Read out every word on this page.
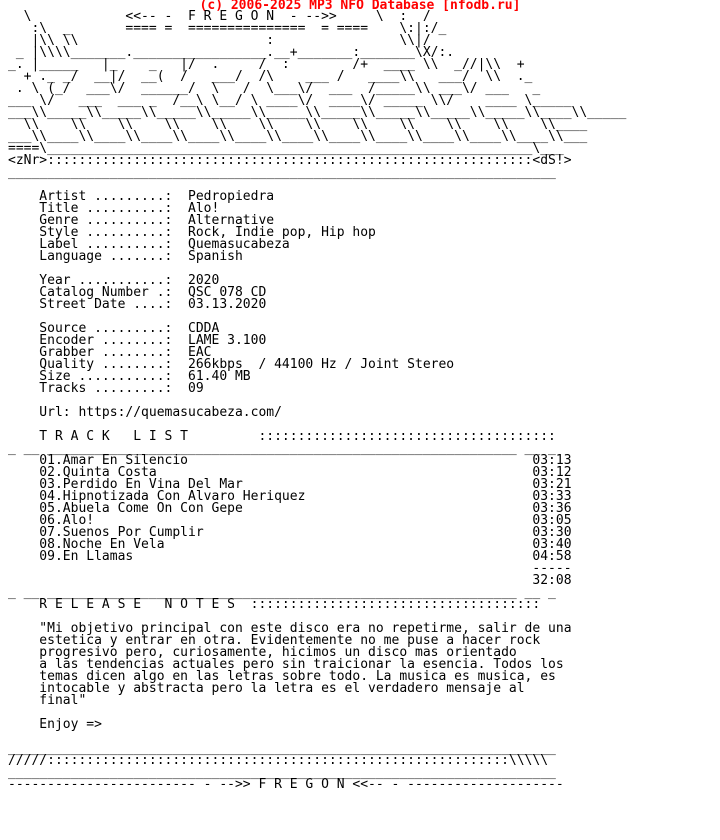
(c) 2006-2025 MP3 NFO Database [nfodb.ru]
\            <<-- -  F R E G O N  - -->>     \  :  /
:\  _       ==== =  ===============  = ====    \:|:/_
|\\ \\                        :                \\|/
_ |\\\\_______._________________.__+_______:_______\X/:.
_. |_____   |_    _   |/  .     /  :        /+  ____ \\  _//|\\  +
+ ._ _/  __|/  __(  /   ___/  /\    ___ /   ____\\   ___/  \\  ._
. \ (_/  ___\/  ______/  \   /  \___\/  ___  /_____\\ ___\/ ___   _
___ \/   ___  ___ _  /__\ \__/ \ ____\/  ____\/ _____ \\/    ____ \_____
___\\_____\\_____\\_____\\_____\\_____\\_____\\_____\\_____\\_____\\____\\_____
\\    \\    \\    \\    \\    \\    \\    \\    \\    \\    \\    \\____
___\\____\\____\\____\\____\\____\\____\\____\\____\\____\\____\\____\\___
====\______________________________________________________________\___
<zNr>::::::::::::::::::::::::::::::::::::::::::::::::::::::::::::::<dS!>
______________________________________________________________________

Artist .........:  Pedropiedra
Title ..........:  Alo!
Genre ..........:  Alternative
Style ..........:  Rock, Indie pop, Hip hop
Label ..........:  Quemasucabeza
Language .......:  Spanish

Year ...........:  2020
Catalog Number .:  QSC 078 CD
Street Date ....:  03.13.2020

Source .........:  CDDA
Encoder ........:  LAME 3.100
Grabber ........:  EAC
Quality ........:  266kbps  / 44100 Hz / Joint Stereo
Size ...........:  61.40 MB
Tracks .........:  09

Url: https://quemasucabeza.com/

T R A C K   L I S T         ::::::::::::::::::::::::::::::::::::::
_ __ ____________________________________________________________ __ _
01.Amar En Silencio                                            03:13
02.Quinta Costa                                                03:12
03.Perdido En Vina Del Mar                                     03:21
04.Hipnotizada Con Alvaro Heriquez                             03:33
05.Abuela Come On Con Gepe                                     03:36
06.Alo!                                                        03:05
07.Suenos Por Cumplir                                          03:30
08.Noche En Vela                                               03:40
09.En Llamas                                                   04:58
-----
32:08
_ __ ____________________________________________________________ __ _
R E L E A S E   N O T E S  :::::::::::::::::::::::::::::::::::::

"Mi objetivo principal con este disco era no repetirme, salir de una
estetica y entrar en otra. Evidentemente no me puse a hacer rock
progresivo pero, curiosamente, hicimos un disco mas orientado
a las tendencias actuales pero sin traicionar la esencia. Todos los
temas dicen algo en las letras sobre todo. La musica es musica, es
intocable y abstracta pero la letra es el verdadero mensaje al
final"

Enjoy =>

______________________________________________________________________
/////:::::::::::::::::::::::::::::::::::::::::::::::::::::::::::\\\\\
______________________________________________________________________
------------------------ - -->> F R E G O N <<-- - --------------------
